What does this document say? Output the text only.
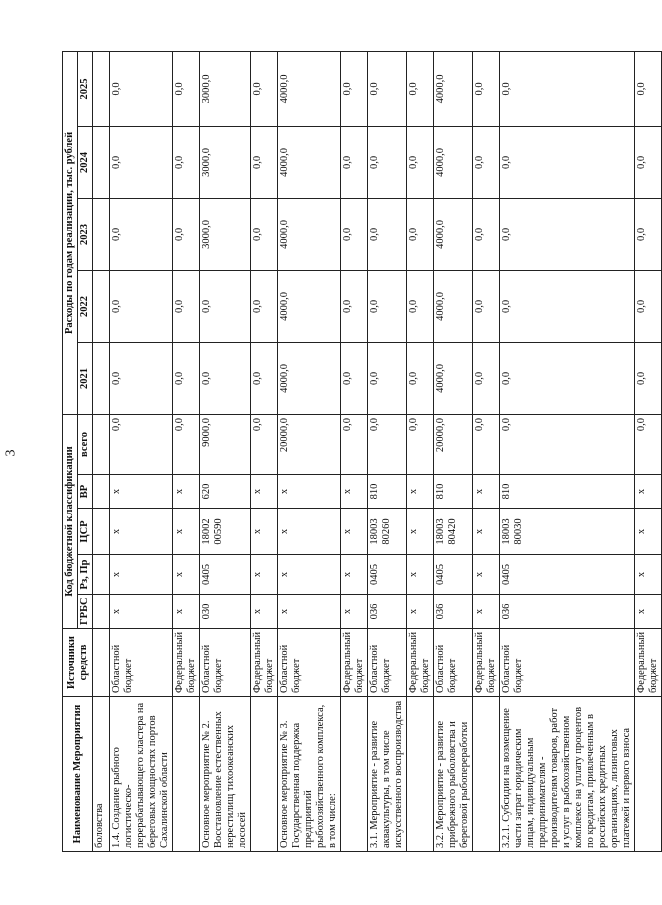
3
Наименование Мероприятия	Источники средств	Код бюджетной классификации					Расходы по годам реализации, тыс. рублей				
		ГРБС	Рз, Пр	ЦСР	ВР	всего	2021	2022	2023	2024	2025
боловства											
1.4. Создание рыбного логистическо-перерабатывающего кластера на береговых мощностях портов Сахалинской области	Областной бюджет	х	х	х	х	0,0	0,0	0,0	0,0	0,0	0,0
	Федеральный бюджет	х	х	х	х	0,0	0,0	0,0	0,0	0,0	0,0
Основное мероприятие № 2. Восстановление естественных нерестилищ тихоокеанских лососей	Областной бюджет	030	0405	18002 00590	620	9000,0	0,0	0,0	3000,0	3000,0	3000,0
	Федеральный бюджет	х	х	х	х	0,0	0,0	0,0	0,0	0,0	0,0
Основное мероприятие № 3. Государственная поддержка предприятий рыбохозяйственного комплекса, в том числе:	Областной бюджет	х	х	х	х	20000,0	4000,0	4000,0	4000,0	4000,0	4000,0
	Федеральный бюджет	х	х	х	х	0,0	0,0	0,0	0,0	0,0	0,0
3.1. Мероприятие - развитие аквакультуры, в том числе искусственного воспроизводства	Областной бюджет	036	0405	18003 80260	810	0,0	0,0	0,0	0,0	0,0	0,0
	Федеральный бюджет	х	х	х	х	0,0	0,0	0,0	0,0	0,0	0,0
3.2. Мероприятие - развитие прибрежного рыболовства и береговой рыбопереработки	Областной бюджет	036	0405	18003 80420	810	20000,0	4000,0	4000,0	4000,0	4000,0	4000,0
	Федеральный бюджет	х	х	х	х	0,0	0,0	0,0	0,0	0,0	0,0
3.2.1. Субсидии на возмещение части затрат юридическим лицам, индивидуальным предпринимателям - производителям товаров, работ и услуг в рыбохозяйственном комплексе на уплату процентов по кредитам, привлеченным в российских кредитных организациях, лизинговых платежей и первого взноса	Областной бюджет	036	0405	18003 80030	810	0,0	0,0	0,0	0,0	0,0	0,0
	Федеральный бюджет	х	х	х	х	0,0	0,0	0,0	0,0	0,0	0,0
